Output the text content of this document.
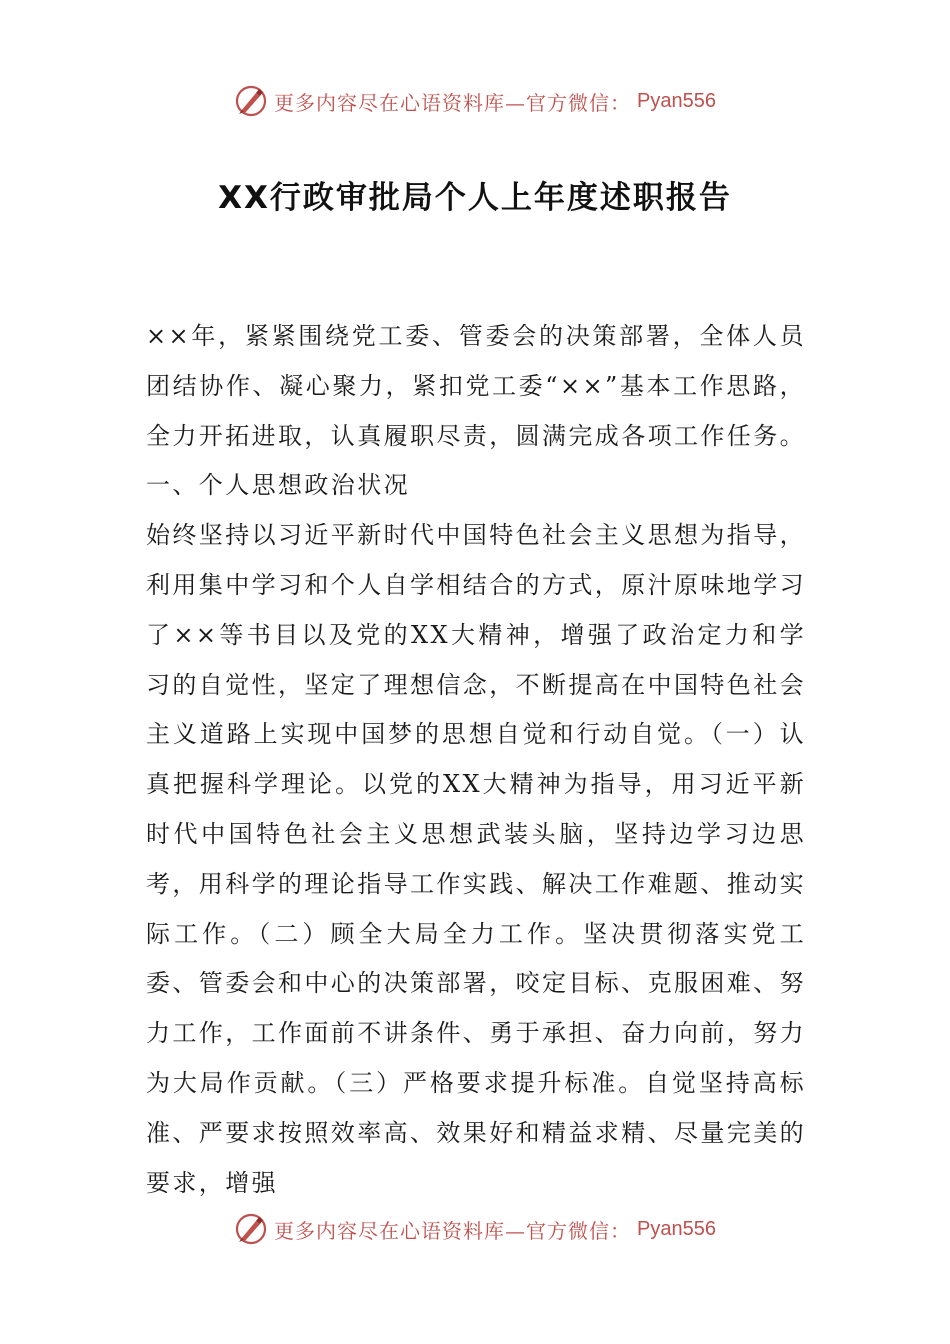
更多内容尽在心语资料库—官方微信： Pyan556
XX行政审批局个人上年度述职报告

××年，紧紧围绕党工委、管委会的决策部署，全体人员团结协作、凝心聚力，紧扣党工委“××”基本工作思路，全力开拓进取，认真履职尽责，圆满完成各项工作任务。

一、个人思想政治状况

始终坚持以习近平新时代中国特色社会主义思想为指导，利用集中学习和个人自学相结合的方式，原汁原味地学习了××等书目以及党的XX大精神，增强了政治定力和学习的自觉性，坚定了理想信念，不断提高在中国特色社会主义道路上实现中国梦的思想自觉和行动自觉。（一）认真把握科学理论。以党的XX大精神为指导，用习近平新时代中国特色社会主义思想武装头脑，坚持边学习边思考，用科学的理论指导工作实践、解决工作难题、推动实际工作。（二）顾全大局全力工作。坚决贯彻落实党工委、管委会和中心的决策部署，咬定目标、克服困难、努力工作，工作面前不讲条件、勇于承担、奋力向前，努力为大局作贡献。（三）严格要求提升标准。自觉坚持高标准、严要求按照效率高、效果好和精益求精、尽量完美的要求，增强

更多内容尽在心语资料库—官方微信： Pyan556
